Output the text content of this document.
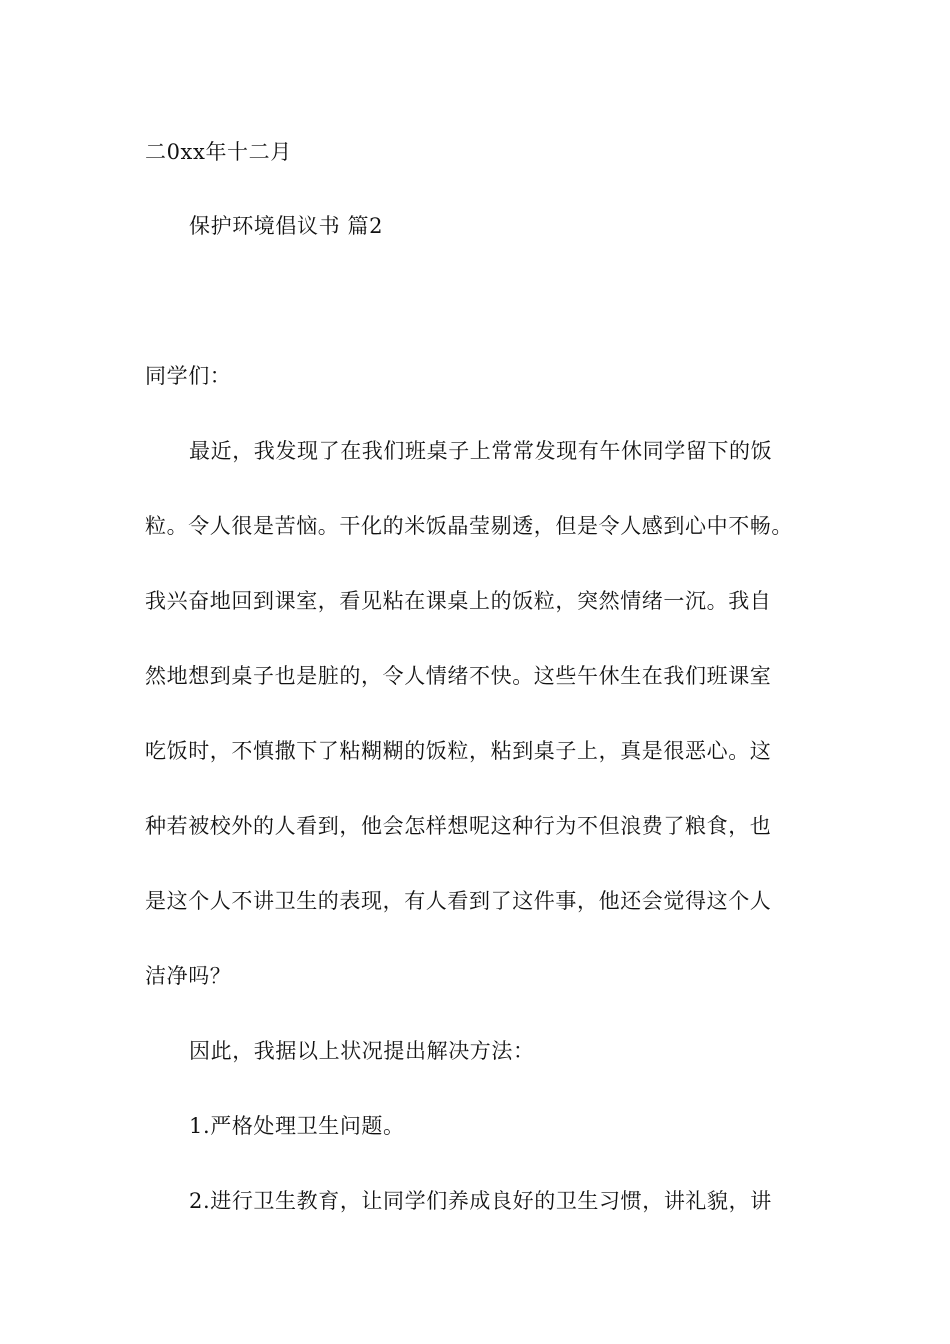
二0xx年十二月
保护环境倡议书 篇2
同学们：
最近，我发现了在我们班桌子上常常发现有午休同学留下的饭
粒。令人很是苦恼。干化的米饭晶莹剔透，但是令人感到心中不畅。
我兴奋地回到课室，看见粘在课桌上的饭粒，突然情绪一沉。我自
然地想到桌子也是脏的，令人情绪不快。这些午休生在我们班课室
吃饭时，不慎撒下了粘糊糊的饭粒，粘到桌子上，真是很恶心。这
种若被校外的人看到，他会怎样想呢这种行为不但浪费了粮食，也
是这个人不讲卫生的表现，有人看到了这件事，他还会觉得这个人
洁净吗？
因此，我据以上状况提出解决方法：
1.严格处理卫生问题。
2.进行卫生教育，让同学们养成良好的卫生习惯，讲礼貌，讲
